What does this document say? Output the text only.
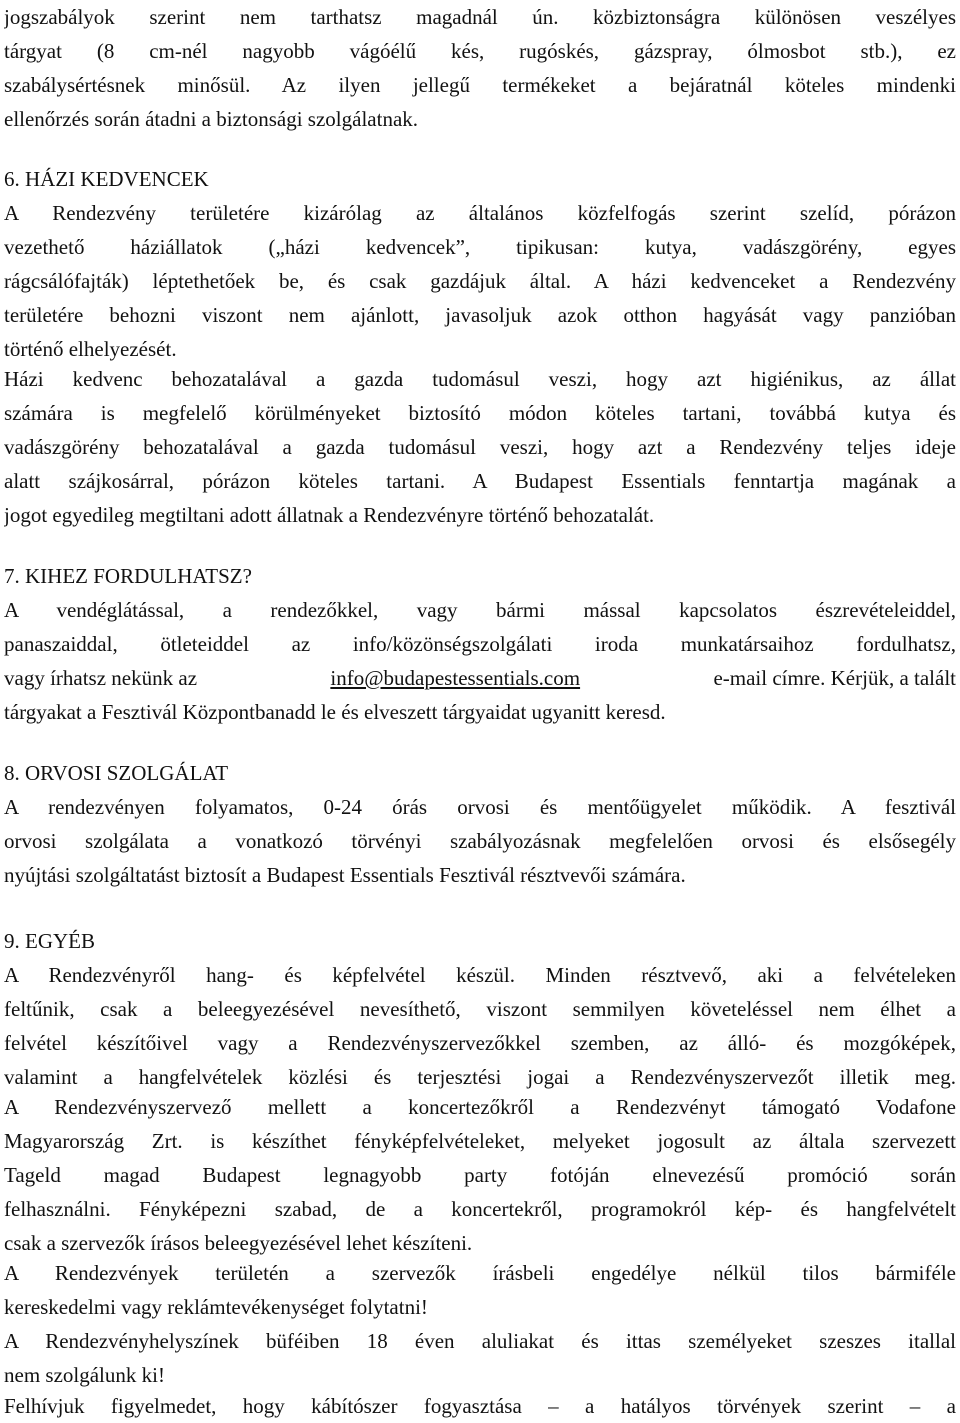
jogszabályok szerint nem tarthatsz magadnál ún. közbiztonságra különösen veszélyes
tárgyat (8 cm-nél nagyobb vágóélű kés, rugóskés, gázspray, ólmosbot stb.), ez
szabálysértésnek minősül. Az ilyen jellegű termékeket a bejáratnál köteles mindenki
ellenőrzés során átadni a biztonsági szolgálatnak.
6. HÁZI KEDVENCEK
A Rendezvény területére kizárólag az általános közfelfogás szerint szelíd, pórázon
vezethető háziállatok („házi kedvencek”, tipikusan: kutya, vadászgörény, egyes
rágcsálófajták) léptethetőek be, és csak gazdájuk által. A házi kedvenceket a Rendezvény
területére behozni viszont nem ajánlott, javasoljuk azok otthon hagyását vagy panzióban
történő elhelyezését.
Házi kedvenc behozatalával a gazda tudomásul veszi, hogy azt higiénikus, az állat
számára is megfelelő körülményeket biztosító módon köteles tartani, továbbá kutya és
vadászgörény behozatalával a gazda tudomásul veszi, hogy azt a Rendezvény teljes ideje
alatt szájkosárral, pórázon köteles tartani. A Budapest Essentials fenntartja magának a
jogot egyedileg megtiltani adott állatnak a Rendezvényre történő behozatalát.
7. KIHEZ FORDULHATSZ?
A vendéglátással, a rendezőkkel, vagy bármi mással kapcsolatos észrevételeiddel,
panaszaiddal, ötleteiddel az info/közönségszolgálati iroda munkatársaihoz fordulhatsz,
vagy írhatsz nekünk az	info@budapestessentials.com	e-mail címre. Kérjük, a talált
tárgyakat a Fesztivál Központbanadd le és elveszett tárgyaidat ugyanitt keresd.
8. ORVOSI SZOLGÁLAT
A rendezvényen folyamatos, 0-24 órás orvosi és mentőügyelet működik. A fesztivál
orvosi szolgálata a vonatkozó törvényi szabályozásnak megfelelően orvosi és elsősegély
nyújtási szolgáltatást biztosít a Budapest Essentials Fesztivál résztvevői számára.
9. EGYÉB
A Rendezvényről hang- és képfelvétel készül. Minden résztvevő, aki a felvételeken
feltűnik, csak a beleegyezésével nevesíthető, viszont semmilyen követeléssel nem élhet a
felvétel készítőivel vagy a Rendezvényszervezőkkel szemben, az álló- és mozgóképek,
valamint a hangfelvételek közlési és terjesztési jogai a Rendezvényszervezőt illetik meg.
A Rendezvényszervező mellett a koncertezőkről a Rendezvényt támogató Vodafone
Magyarország Zrt. is készíthet fényképfelvételeket, melyeket jogosult az általa szervezett
Tageld magad Budapest legnagyobb party fotóján elnevezésű promóció során
felhasználni. Fényképezni szabad, de a koncertekről, programokról kép- és hangfelvételt
csak a szervezők írásos beleegyezésével lehet készíteni.
A Rendezvények területén a szervezők írásbeli engedélye nélkül tilos bármiféle
kereskedelmi vagy reklámtevékenységet folytatni!
A Rendezvényhelyszínek büféiben 18 éven aluliakat és ittas személyeket szeszes itallal
nem szolgálunk ki!
Felhívjuk figyelmedet, hogy kábítószer fogyasztása – a hatályos törvények szerint – a
